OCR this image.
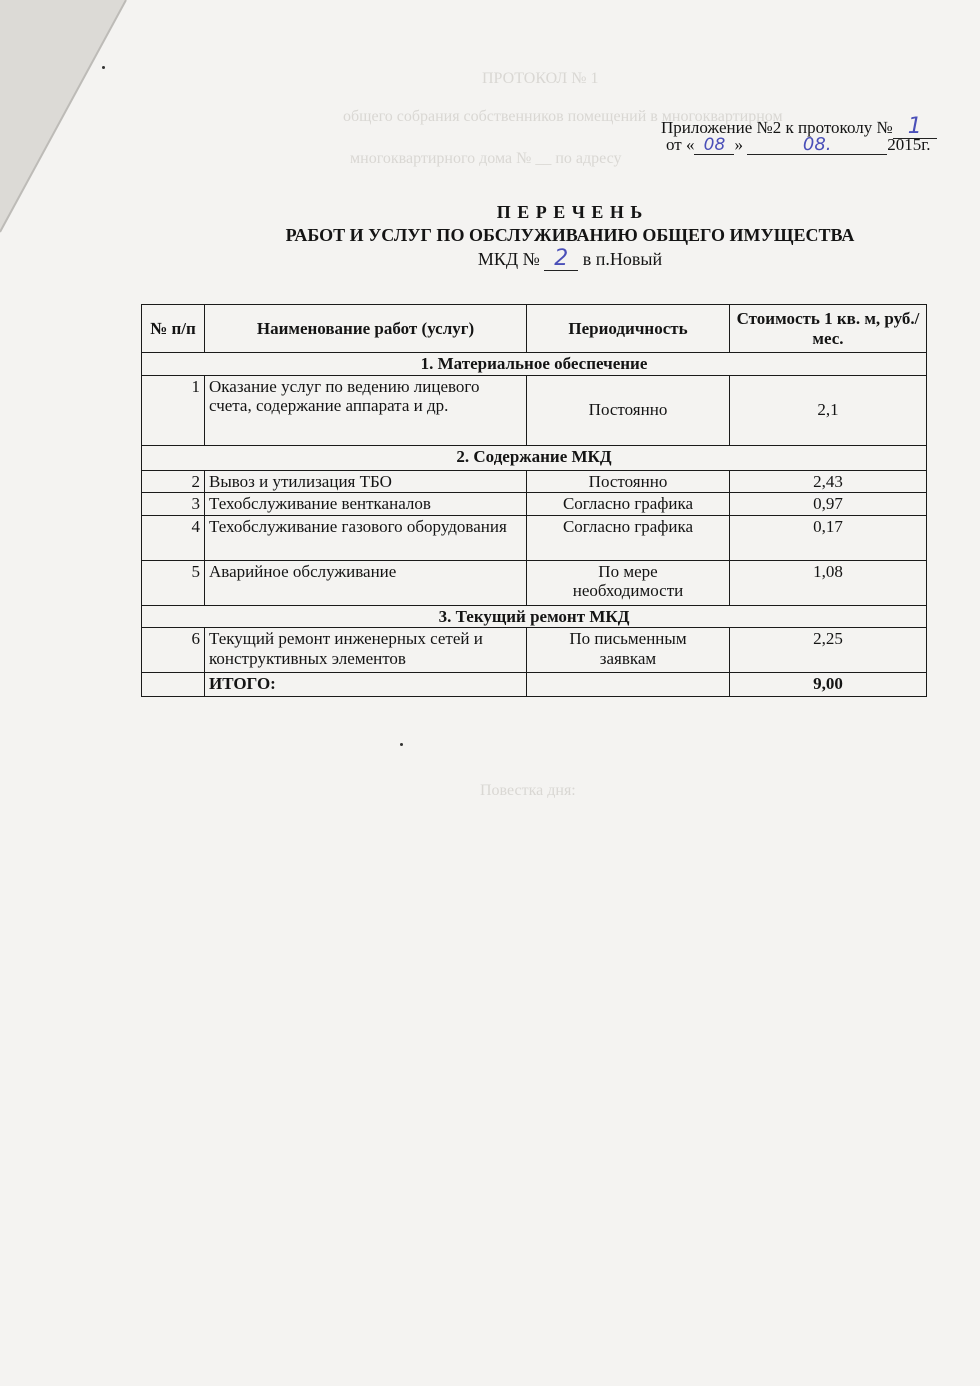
ПРОТОКОЛ № 1
общего собрания собственников помещений в многоквартирном
многоквартирного дома № __ по адресу
Повестка дня:
Приложение №2 к протоколу № 1
от « 08 »	08.	2015г.
П Е Р Е Ч Е Н Ь
РАБОТ И УСЛУГ ПО ОБСЛУЖИВАНИЮ ОБЩЕГО ИМУЩЕСТВА
МКД № 2 в п.Новый
№ п/п	Наименование работ (услуг)	Периодичность	Стоимость 1 кв. м, руб./мес.
1. Материальное обеспечение			
1	Оказание услуг по ведению лицевого счета, содержание аппарата и др.	Постоянно	2,1
2. Содержание МКД			
2	Вывоз и утилизация ТБО	Постоянно	2,43
3	Техобслуживание вентканалов	Согласно графика	0,97
4	Техобслуживание газового оборудования	Согласно графика	0,17
5	Аварийное обслуживание	По мере необходимости	1,08
3. Текущий ремонт МКД			
6	Текущий ремонт инженерных сетей и конструктивных элементов	По письменным заявкам	2,25
	ИТОГО:		9,00
